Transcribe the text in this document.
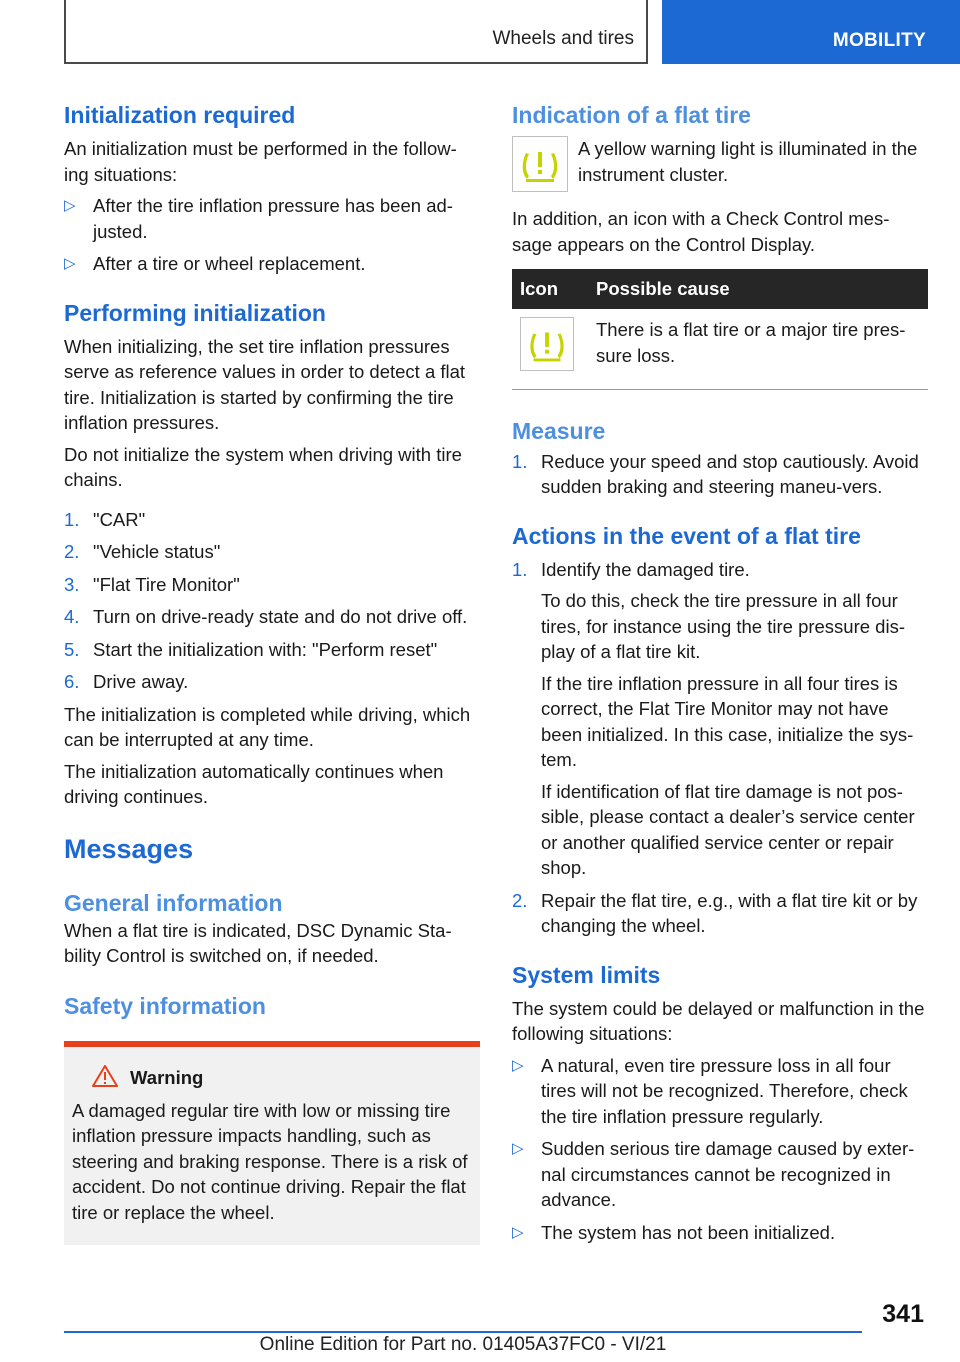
Wheels and tires	MOBILITY
Initialization required

An initialization must be performed in the follow-ing situations:

▷ After the tire inflation pressure has been ad-justed.
▷ After a tire or wheel replacement.
Performing initialization

When initializing, the set tire inflation pressures serve as reference values in order to detect a flat tire. Initialization is started by confirming the tire inflation pressures.

Do not initialize the system when driving with tire chains.

1. "CAR"
2. "Vehicle status"
3. "Flat Tire Monitor"
4. Turn on drive-ready state and do not drive off.
5. Start the initialization with: "Perform reset"
6. Drive away.

The initialization is completed while driving, which can be interrupted at any time.

The initialization automatically continues when driving continues.

Messages
General information

When a flat tire is indicated, DSC Dynamic Sta-bility Control is switched on, if needed.

Safety information
Warning

A damaged regular tire with low or missing tire inflation pressure impacts handling, such as steering and braking response. There is a risk of accident. Do not continue driving. Repair the flat tire or replace the wheel.

Indication of a flat tire

A yellow warning light is illuminated in the instrument cluster.

In addition, an icon with a Check Control mes-sage appears on the Control Display.

Icon	Possible cause
	There is a flat tire or a major tire pres-sure loss.
Measure
1. Reduce your speed and stop cautiously. Avoid sudden braking and steering maneu-vers.
Actions in the event of a flat tire
1. Identify the damaged tire.
To do this, check the tire pressure in all four tires, for instance using the tire pressure dis-play of a flat tire kit.
If the tire inflation pressure in all four tires is correct, the Flat Tire Monitor may not have been initialized. In this case, initialize the sys-tem.
If identification of flat tire damage is not pos-sible, please contact a dealer’s service center or another qualified service center or repair shop.
2. Repair the flat tire, e.g., with a flat tire kit or by changing the wheel.
System limits

The system could be delayed or malfunction in the following situations:

▷ A natural, even tire pressure loss in all four tires will not be recognized. Therefore, check the tire inflation pressure regularly.
▷ Sudden serious tire damage caused by exter-nal circumstances cannot be recognized in advance.
▷ The system has not been initialized.
341
Online Edition for Part no. 01405A37FC0 - VI/21
